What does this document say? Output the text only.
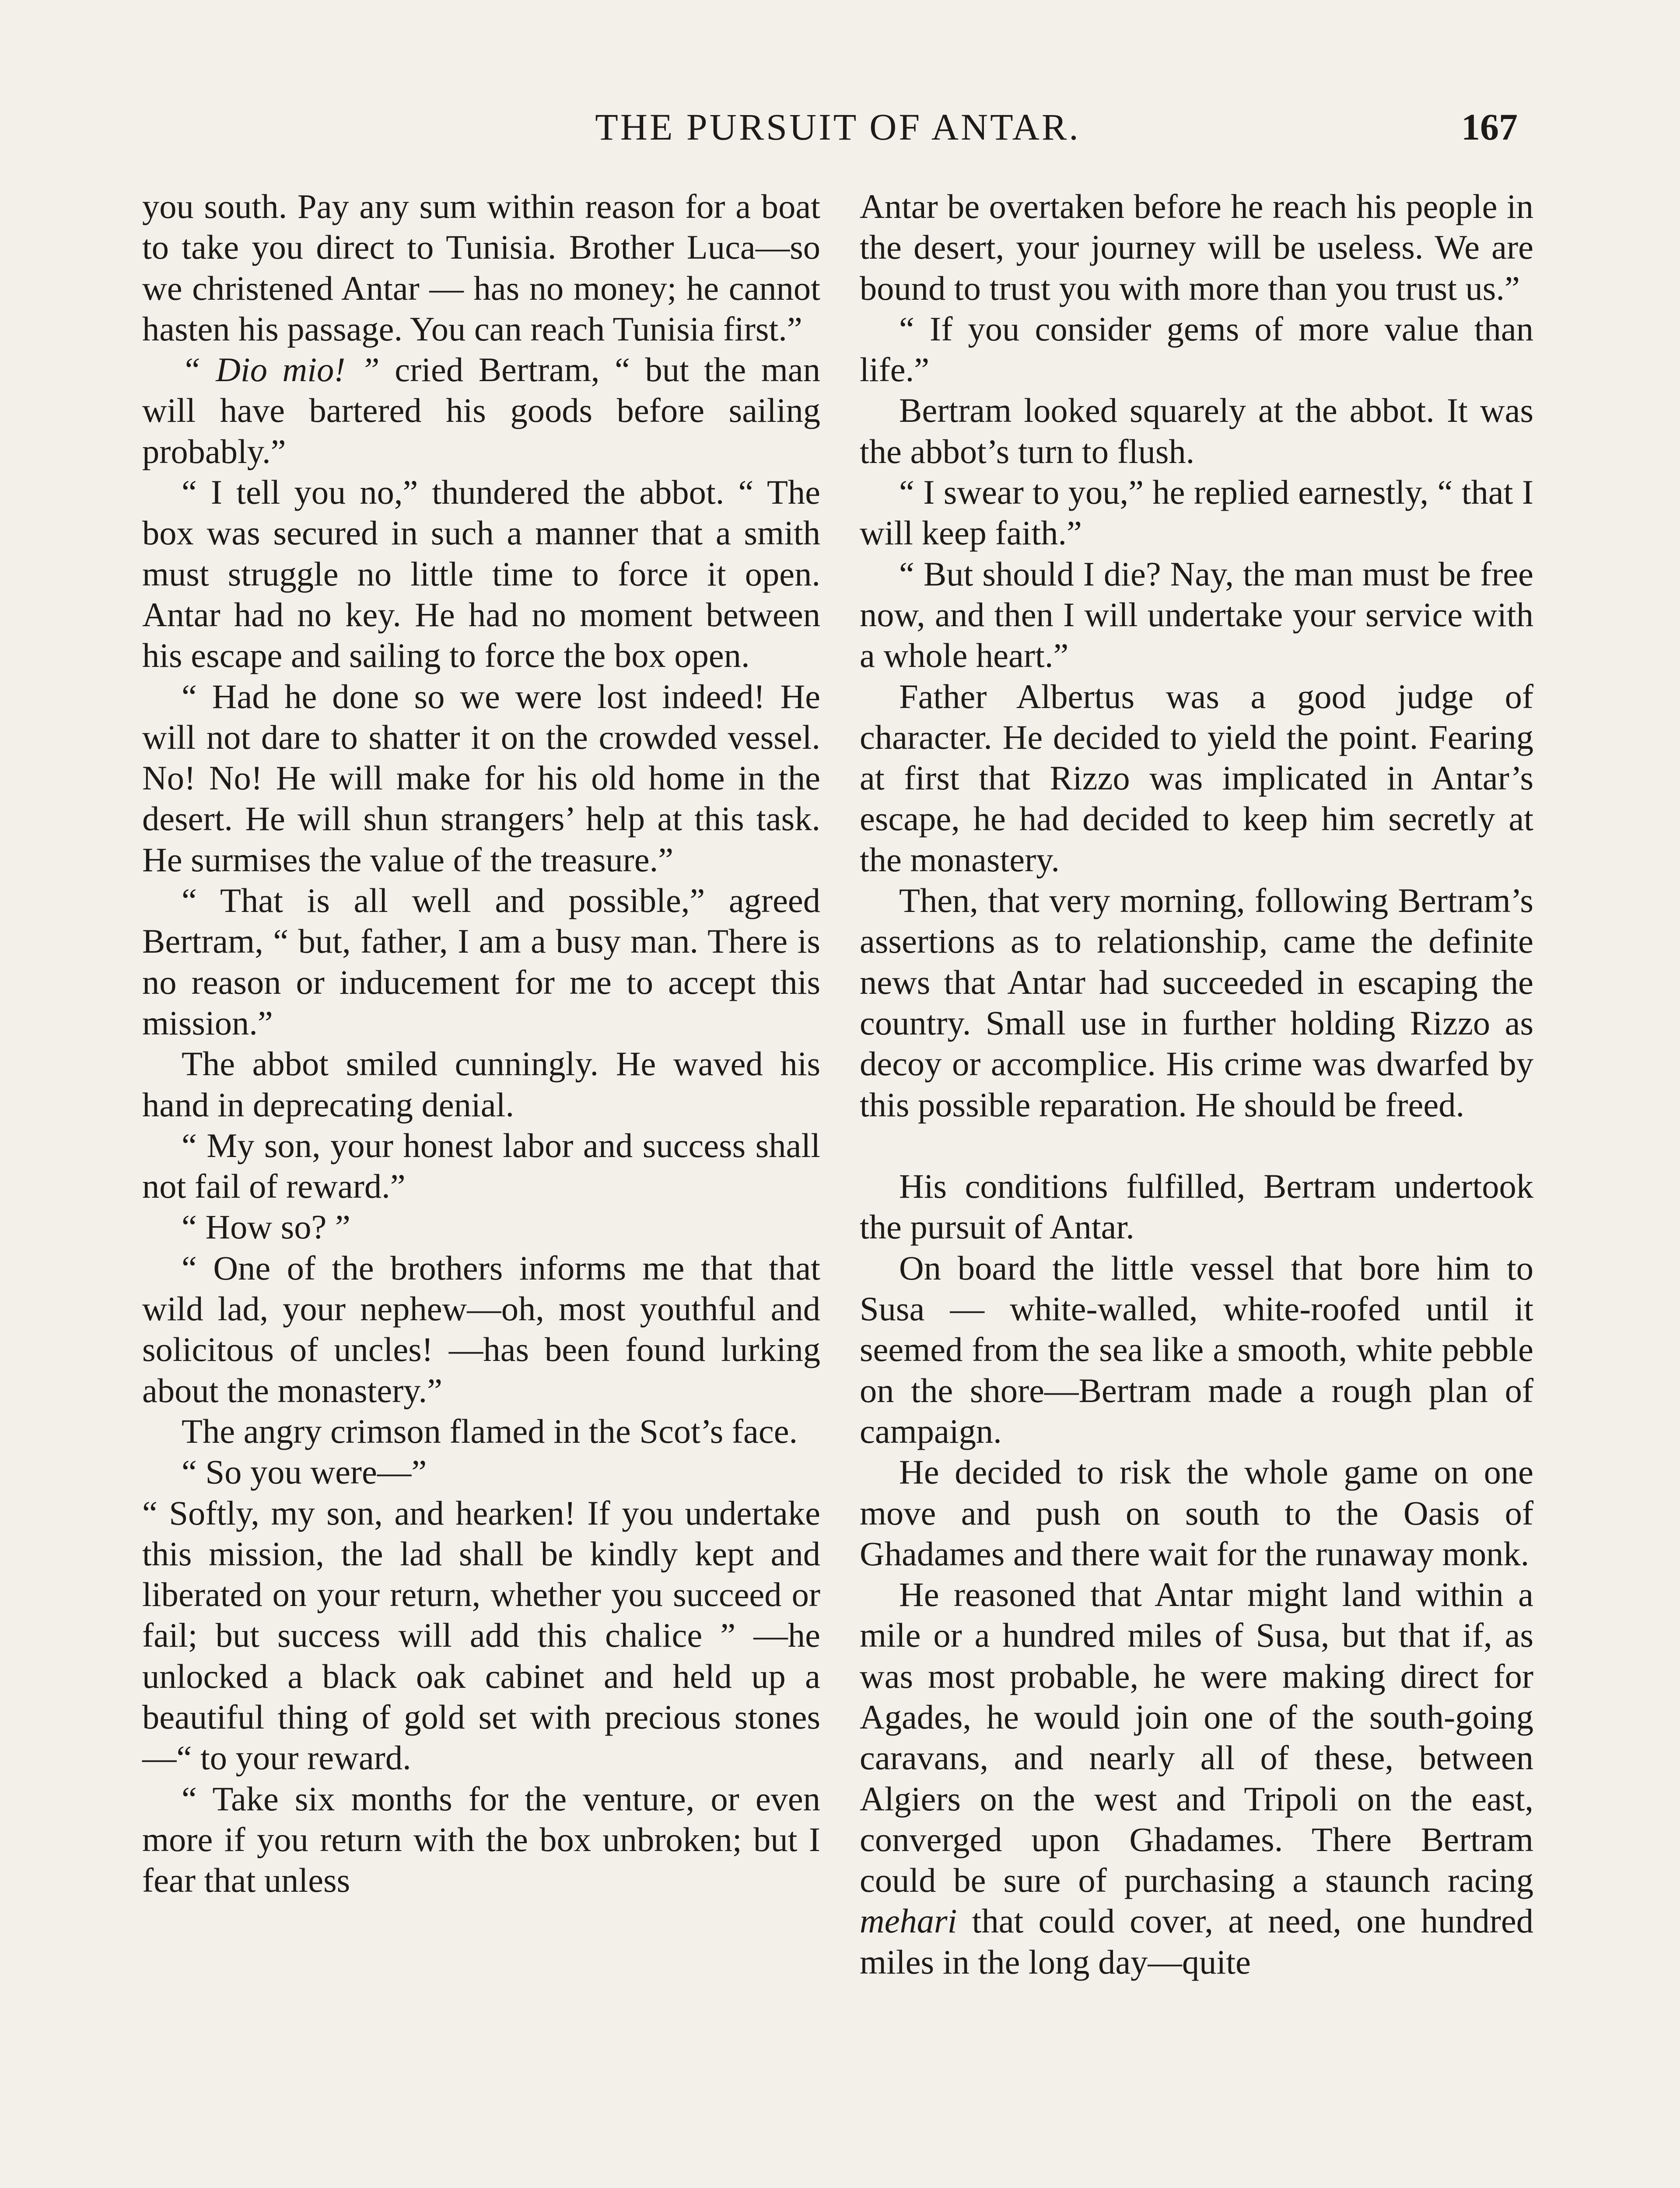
THE PURSUIT OF ANTAR.	167

you south. Pay any sum within reason for a boat to take you direct to Tunisia. Brother Luca—so we christened Antar — has no money; he cannot hasten his passage. You can reach Tunisia first.”

“ Dio mio! ” cried Bertram, “ but the man will have bartered his goods before sailing probably.”

“ I tell you no,” thundered the abbot. “ The box was secured in such a manner that a smith must struggle no little time to force it open. Antar had no key. He had no moment between his escape and sailing to force the box open.

“ Had he done so we were lost indeed! He will not dare to shatter it on the crowded vessel. No! No! He will make for his old home in the desert. He will shun strangers’ help at this task. He surmises the value of the treasure.”

“ That is all well and possible,” agreed Bertram, “ but, father, I am a busy man. There is no reason or inducement for me to accept this mission.”

The abbot smiled cunningly. He waved his hand in deprecating denial.

“ My son, your honest labor and success shall not fail of reward.”

“ How so? ”

“ One of the brothers informs me that that wild lad, your nephew—oh, most youthful and solicitous of uncles! —has been found lurking about the monastery.”

The angry crimson flamed in the Scot’s face.

“ So you were—”

“ Softly, my son, and hearken! If you undertake this mission, the lad shall be kindly kept and liberated on your return, whether you succeed or fail; but success will add this chalice ” —he unlocked a black oak cabinet and held up a beautiful thing of gold set with precious stones—“ to your reward.

“ Take six months for the venture, or even more if you return with the box unbroken; but I fear that unless

Antar be overtaken before he reach his people in the desert, your journey will be useless. We are bound to trust you with more than you trust us.”

“ If you consider gems of more value than life.”

Bertram looked squarely at the abbot. It was the abbot’s turn to flush.

“ I swear to you,” he replied earnestly, “ that I will keep faith.”

“ But should I die? Nay, the man must be free now, and then I will undertake your service with a whole heart.”

Father Albertus was a good judge of character. He decided to yield the point. Fearing at first that Rizzo was implicated in Antar’s escape, he had decided to keep him secretly at the monastery.

Then, that very morning, following Bertram’s assertions as to relationship, came the definite news that Antar had succeeded in escaping the country. Small use in further holding Rizzo as decoy or accomplice. His crime was dwarfed by this possible reparation. He should be freed.

His conditions fulfilled, Bertram undertook the pursuit of Antar.

On board the little vessel that bore him to Susa — white-walled, white-roofed until it seemed from the sea like a smooth, white pebble on the shore—Bertram made a rough plan of campaign.

He decided to risk the whole game on one move and push on south to the Oasis of Ghadames and there wait for the runaway monk.

He reasoned that Antar might land within a mile or a hundred miles of Susa, but that if, as was most probable, he were making direct for Agades, he would join one of the south-going caravans, and nearly all of these, between Algiers on the west and Tripoli on the east, converged upon Ghadames. There Bertram could be sure of purchasing a staunch racing mehari that could cover, at need, one hundred miles in the long day—quite
